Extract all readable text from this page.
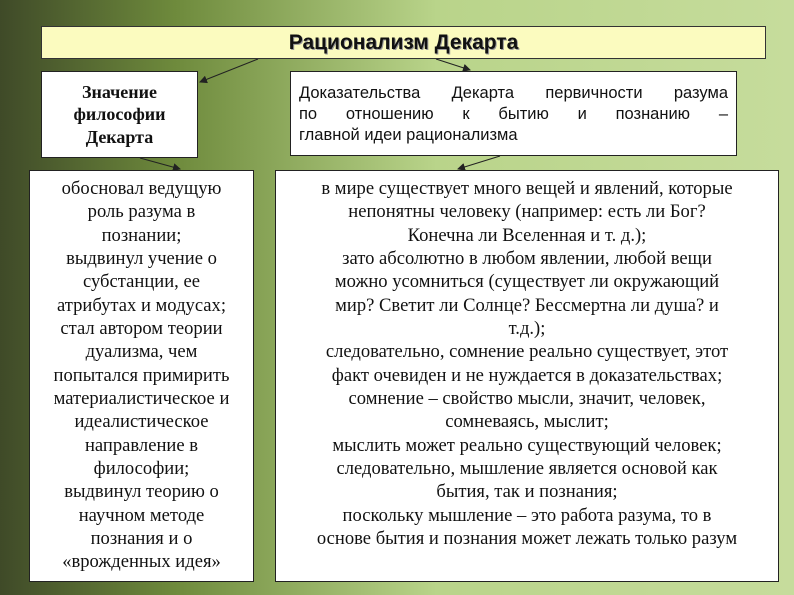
Рационализм Декарта
Значение
философии
Декарта
Доказательства Декарта первичности разума
по отношению к бытию и познанию –
главной идеи рационализма
обосновал ведущую
роль разума в
познании;
выдвинул учение о
субстанции, ее
атрибутах и модусах;
стал автором теории
дуализма, чем
попытался примирить
материалистическое и
идеалистическое
направление в
философии;
выдвинул теорию о
научном методе
познания и о
«врожденных идея»
в мире существует много вещей и явлений, которые
непонятны человеку (например: есть ли Бог?
Конечна ли Вселенная и т. д.);
зато абсолютно в любом явлении, любой вещи
можно усомниться (существует ли окружающий
мир? Светит ли Солнце? Бессмертна ли душа? и
т.д.);
следовательно, сомнение реально существует, этот
факт очевиден и не нуждается в доказательствах;
сомнение – свойство мысли, значит, человек,
сомневаясь, мыслит;
мыслить может реально существующий человек;
следовательно, мышление является основой как
бытия, так и познания;
поскольку мышление – это работа разума, то в
основе бытия и познания может лежать только разум
